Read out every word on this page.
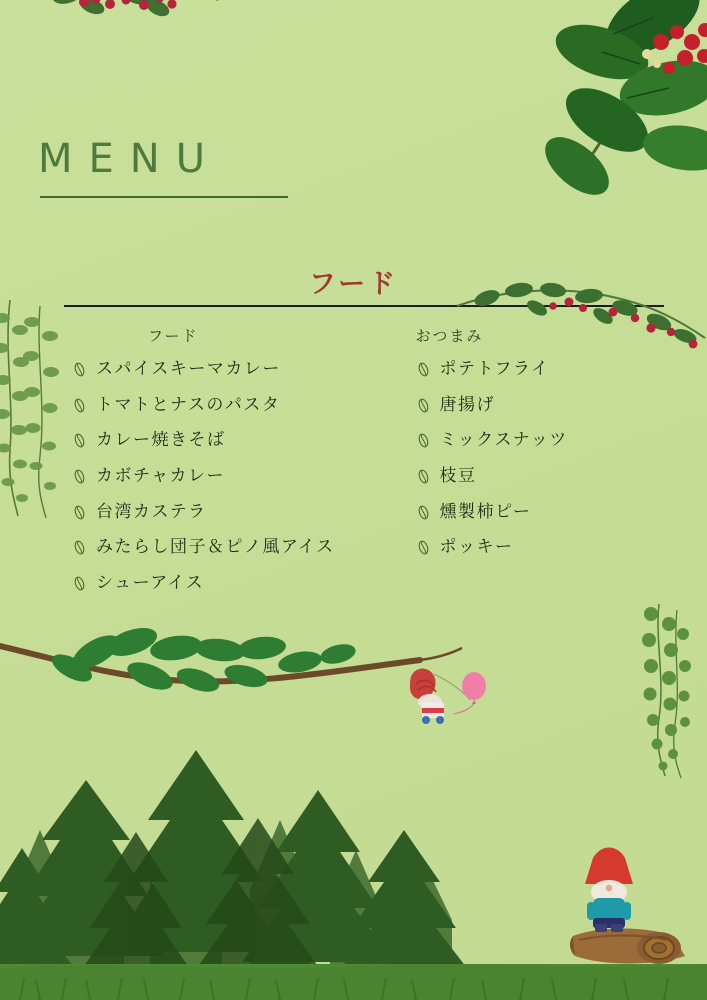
MENU
フード
フード
スパイスキーマカレー
トマトとナスのパスタ
カレー焼きそば
カボチャカレー
台湾カステラ
みたらし団子＆ピノ風アイス
シューアイス
おつまみ
ポテトフライ
唐揚げ
ミックスナッツ
枝豆
燻製柿ピー
ポッキー
